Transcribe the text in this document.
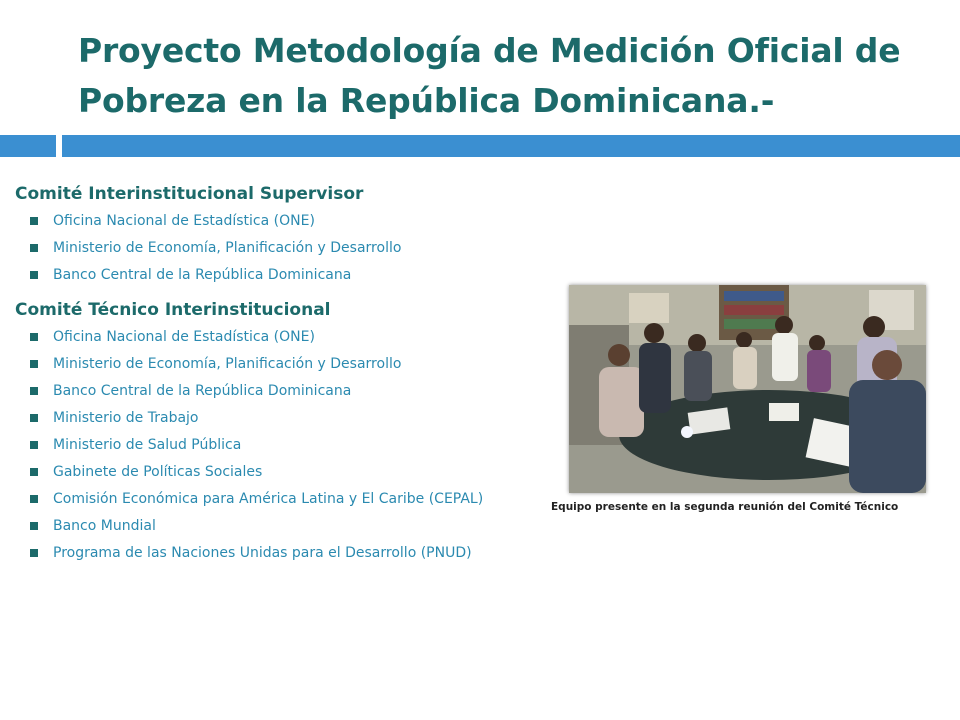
Proyecto Metodología de Medición Oficial de
Pobreza en la República Dominicana.-
Comité Interinstitucional Supervisor
Oficina Nacional de Estadística (ONE)
Ministerio de Economía, Planificación y Desarrollo
Banco Central de la República Dominicana
Comité Técnico Interinstitucional
Oficina Nacional de Estadística (ONE)
Ministerio de Economía, Planificación y Desarrollo
Banco Central de la República Dominicana
Ministerio de Trabajo
Ministerio de Salud Pública
Gabinete de Políticas Sociales
Comisión Económica para América Latina y El Caribe (CEPAL)
Banco Mundial
Programa de las Naciones Unidas para el Desarrollo (PNUD)
Equipo presente en la segunda reunión del Comité Técnico
